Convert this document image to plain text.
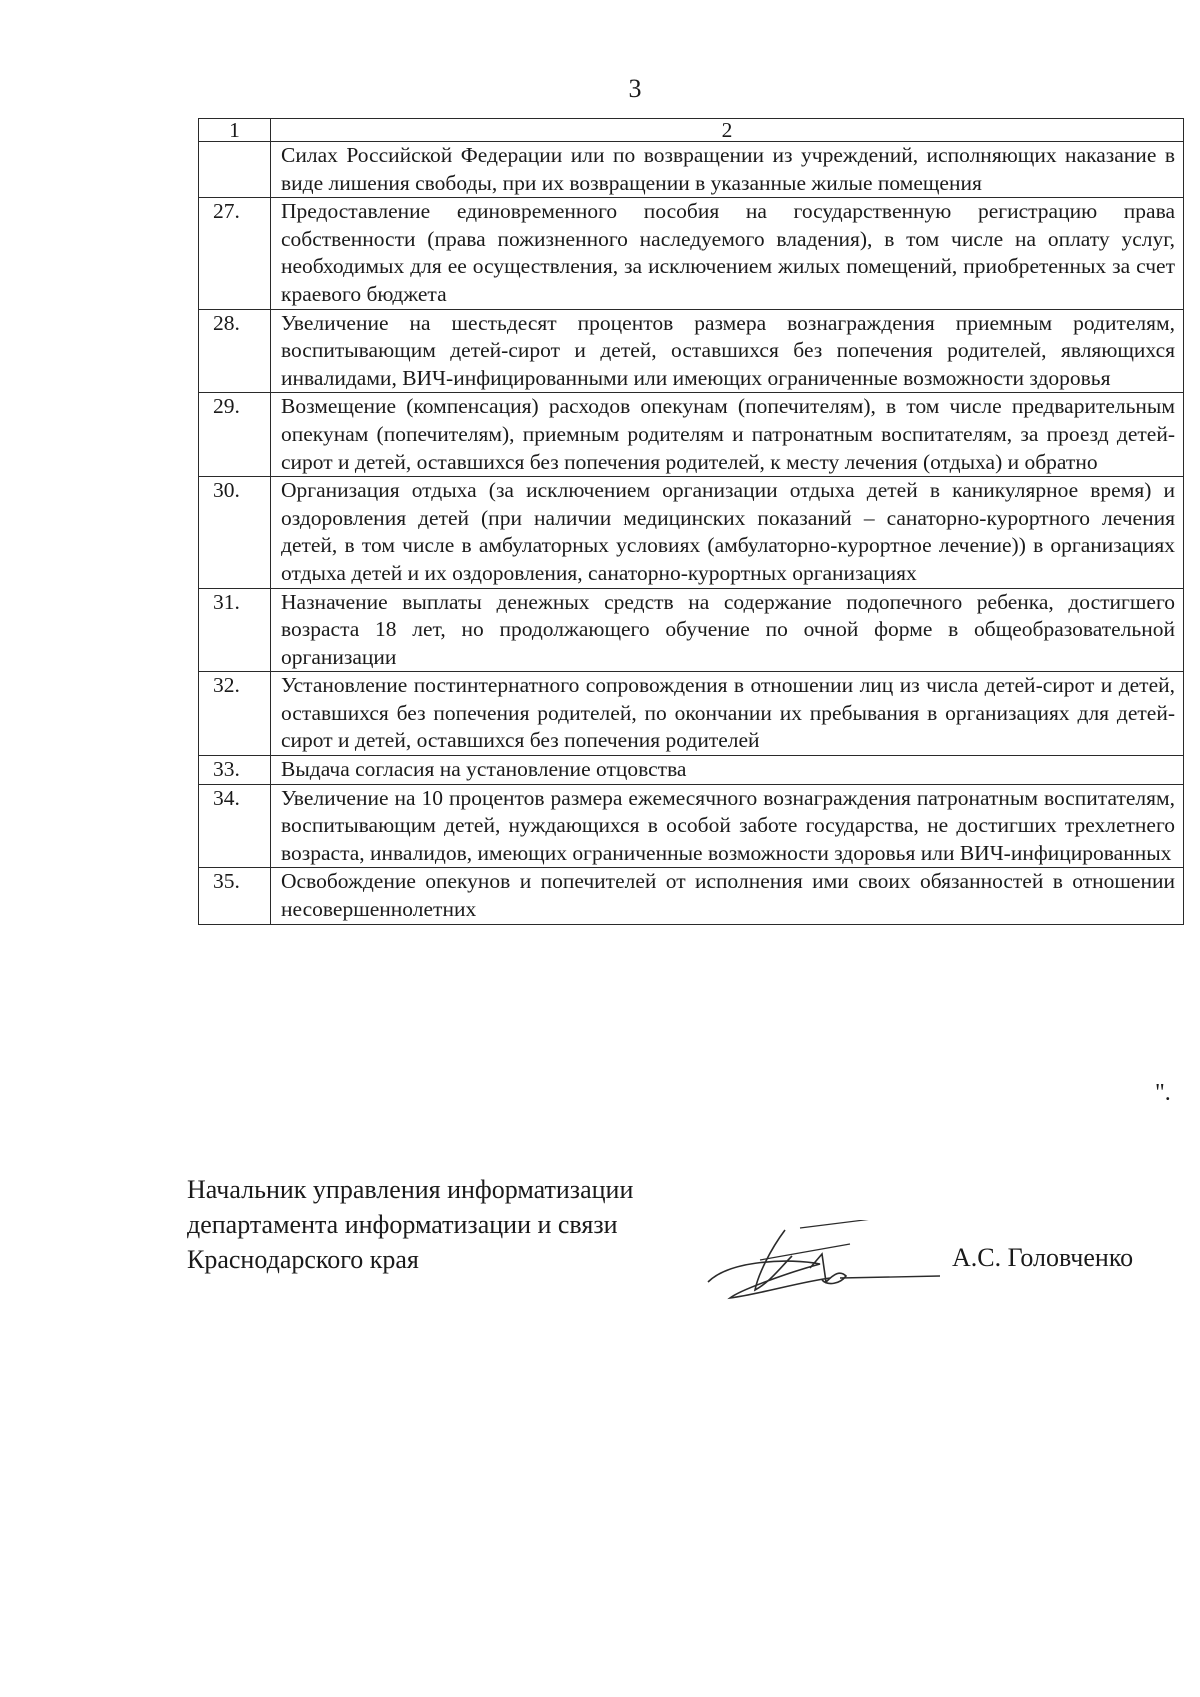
3
1	2
	Силах Российской Федерации или по возвращении из учреждений, исполняющих наказание в виде лишения свободы, при их возвращении в указанные жилые помещения
27.	Предоставление единовременного пособия на государственную регистрацию права собственности (права пожизненного наследуемого владения), в том числе на оплату услуг, необходимых для ее осуществления, за исключением жилых помещений, приобретенных за счет краевого бюджета
28.	Увеличение на шестьдесят процентов размера вознаграждения приемным родителям, воспитывающим детей-сирот и детей, оставшихся без попечения родителей, являющихся инвалидами, ВИЧ-инфицированными или имеющих ограниченные возможности здоровья
29.	Возмещение (компенсация) расходов опекунам (попечителям), в том числе предварительным опекунам (попечителям), приемным родителям и патронатным воспитателям, за проезд детей-сирот и детей, оставшихся без попечения родителей, к месту лечения (отдыха) и обратно
30.	Организация отдыха (за исключением организации отдыха детей в каникулярное время) и оздоровления детей (при наличии медицинских показаний – санаторно-курортного лечения детей, в том числе в амбулаторных условиях (амбулаторно-курортное лечение)) в организациях отдыха детей и их оздоровления, санаторно-курортных организациях
31.	Назначение выплаты денежных средств на содержание подопечного ребенка, достигшего возраста 18 лет, но продолжающего обучение по очной форме в общеобразовательной организации
32.	Установление постинтернатного сопровождения в отношении лиц из числа детей-сирот и детей, оставшихся без попечения родителей, по окончании их пребывания в организациях для детей-сирот и детей, оставшихся без попечения родителей
33.	Выдача согласия на установление отцовства
34.	Увеличение на 10 процентов размера ежемесячного вознаграждения патронатным воспитателям, воспитывающим детей, нуждающихся в особой заботе государства, не достигших трехлетнего возраста, инвалидов, имеющих ограниченные возможности здоровья или ВИЧ-инфицированных
35.	Освобождение опекунов и попечителей от исполнения ими своих обязанностей в отношении несовершеннолетних
".
Начальник управления информатизации
департамента информатизации и связи
Краснодарского края	А.С. Головченко
